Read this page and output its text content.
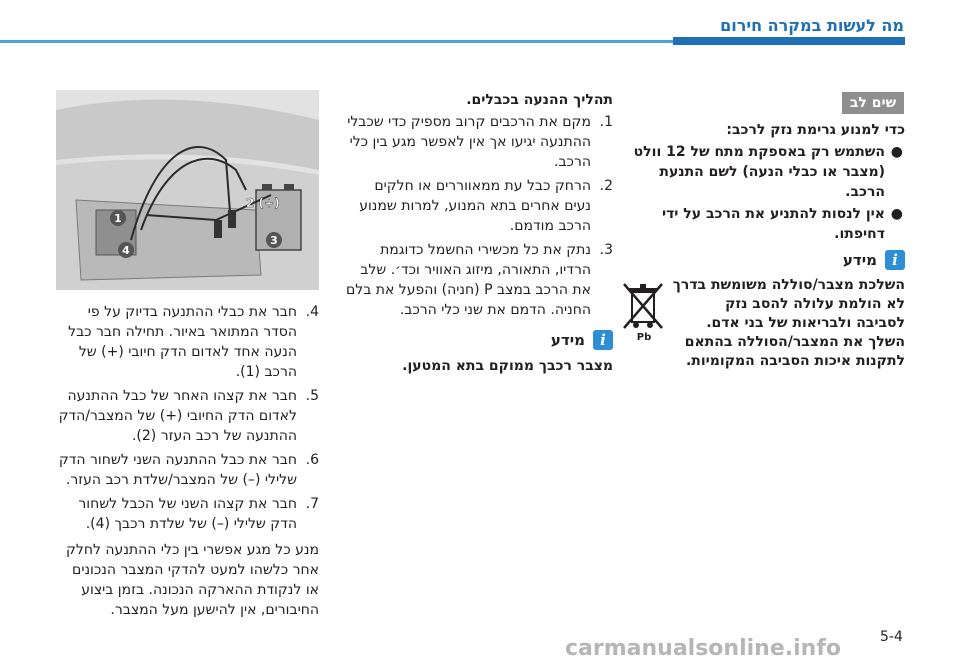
מה לעשות במקרה חירום
שים לב
כדי למנוע גרימת נזק לרכב:
●
השתמש רק באספקת מתח של 12 וולט (מצבר או כבלי הנעה) לשם התנעת הרכב.
●
אין לנסות להתניע את הרכב על ידי דחיפתו.
i
מידע
Pb
השלכת מצבר/סוללה משומשת בדרך לא הולמת עלולה להסב נזק לסביבה ולבריאות של בני אדם. השלך את המצבר/הסוללה בהתאם לתקנות איכות הסביבה המקומיות.
תהליך ההנעה בכבלים.
1.
מקם את הרכבים קרוב מספיק כדי שכבלי ההתנעה יגיעו אך אין לאפשר מגע בין כלי הרכב.
2.
הרחק כבל עת ממאווררים או חלקים נעים אחרים בתא המנוע, למרות שמנוע הרכב מודמם.
3.
נתק את כל מכשירי החשמל כדוגמת הרדיו, התאורה, מיזוג האוויר וכד׳. שלב את הרכב במצב P (חניה) והפעל את בלם החניה. הדמם את שני כלי הרכב.
i
מידע
מצבר רכבך ממוקם בתא המטען.
1
2 (+)
3
4
4.
חבר את כבלי ההתנעה בדיוק על פי הסדר המתואר באיור. תחילה חבר כבל הנעה אחד לאדום הדק חיובי (+) של הרכב (1).
5.
חבר את קצהו האחר של כבל ההתנעה לאדום הדק החיובי (+) של המצבר/הדק ההתנעה של רכב העזר (2).
6.
חבר את כבל ההתנעה השני לשחור הדק שלילי (–) של המצבר/שלדת רכב העזר.
7.
חבר את קצהו השני של הכבל לשחור הדק שלילי (–) של שלדת רכבך (4).
מנע כל מגע אפשרי בין כלי ההתנעה לחלק אחר כלשהו למעט להדקי המצבר הנכונים או לנקודת ההארקה הנכונה. בזמן ביצוע החיבורים, אין להישען מעל המצבר.
5-4
carmanualsonline.info
